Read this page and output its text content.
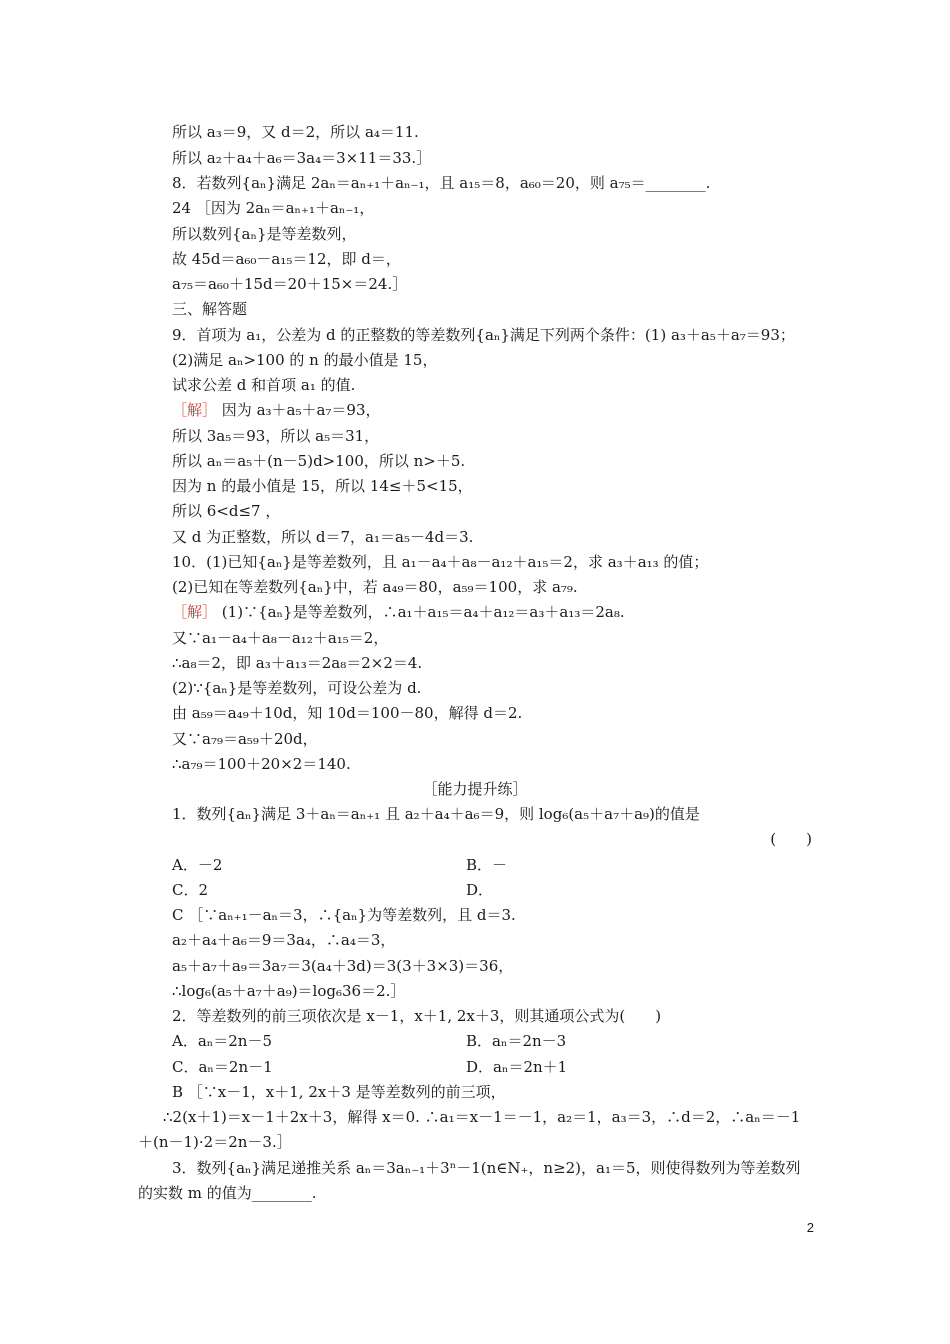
所以 a₃＝9，又 d＝2，所以 a₄＝11.
所以 a₂＋a₄＋a₆＝3a₄＝3×11＝33.］
8．若数列{aₙ}满足 2aₙ＝aₙ₊₁＋aₙ₋₁，且 a₁₅＝8，a₆₀＝20，则 a₇₅＝________.
24 ［因为 2aₙ＝aₙ₊₁＋aₙ₋₁，
所以数列{aₙ}是等差数列，
故 45d＝a₆₀－a₁₅＝12，即 d＝，
a₇₅＝a₆₀＋15d＝20＋15×＝24.］
三、解答题
9．首项为 a₁，公差为 d 的正整数的等差数列{aₙ}满足下列两个条件：(1) a₃＋a₅＋a₇＝93；
(2)满足 aₙ>100 的 n 的最小值是 15，
试求公差 d 和首项 a₁ 的值.
［解］ 因为 a₃＋a₅＋a₇＝93，
所以 3a₅＝93，所以 a₅＝31，
所以 aₙ＝a₅＋(n－5)d>100，所以 n>＋5.
因为 n 的最小值是 15，所以 14≤＋5<15，
所以 6<d≤7 ，
又 d 为正整数，所以 d＝7，a₁＝a₅－4d＝3.
10．(1)已知{aₙ}是等差数列，且 a₁－a₄＋a₈－a₁₂＋a₁₅＝2，求 a₃＋a₁₃ 的值；
(2)已知在等差数列{aₙ}中，若 a₄₉＝80，a₅₉＝100，求 a₇₉.
［解］ (1)∵{aₙ}是等差数列，∴a₁＋a₁₅＝a₄＋a₁₂＝a₃＋a₁₃＝2a₈.
又∵a₁－a₄＋a₈－a₁₂＋a₁₅＝2，
∴a₈＝2，即 a₃＋a₁₃＝2a₈＝2×2＝4.
(2)∵{aₙ}是等差数列，可设公差为 d.
由 a₅₉＝a₄₉＋10d，知 10d＝100－80，解得 d＝2.
又∵a₇₉＝a₅₉＋20d，
∴a₇₉＝100＋20×2＝140.
［能力提升练］
1．数列{aₙ}满足 3＋aₙ＝aₙ₊₁ 且 a₂＋a₄＋a₆＝9，则 log₆(a₅＋a₇＋a₉)的值是
(　　)
A．－2	B．－
C．2	D．
C ［∵aₙ₊₁－aₙ＝3，∴{aₙ}为等差数列，且 d＝3.
a₂＋a₄＋a₆＝9＝3a₄，∴a₄＝3，
a₅＋a₇＋a₉＝3a₇＝3(a₄＋3d)＝3(3＋3×3)＝36，
∴log₆(a₅＋a₇＋a₉)＝log₆36＝2.］
2．等差数列的前三项依次是 x－1，x＋1, 2x＋3，则其通项公式为(　　)
A．aₙ＝2n－5	B．aₙ＝2n－3
C．aₙ＝2n－1	D．aₙ＝2n＋1
B ［∵x－1，x＋1, 2x＋3 是等差数列的前三项，
∴2(x＋1)＝x－1＋2x＋3，解得 x＝0. ∴a₁＝x－1＝－1，a₂＝1，a₃＝3，∴d＝2，∴aₙ＝－1
＋(n－1)·2＝2n－3.］
3．数列{aₙ}满足递推关系 aₙ＝3aₙ₋₁＋3ⁿ－1(n∈N₊，n≥2)，a₁＝5，则使得数列为等差数列
的实数 m 的值为________.
2
